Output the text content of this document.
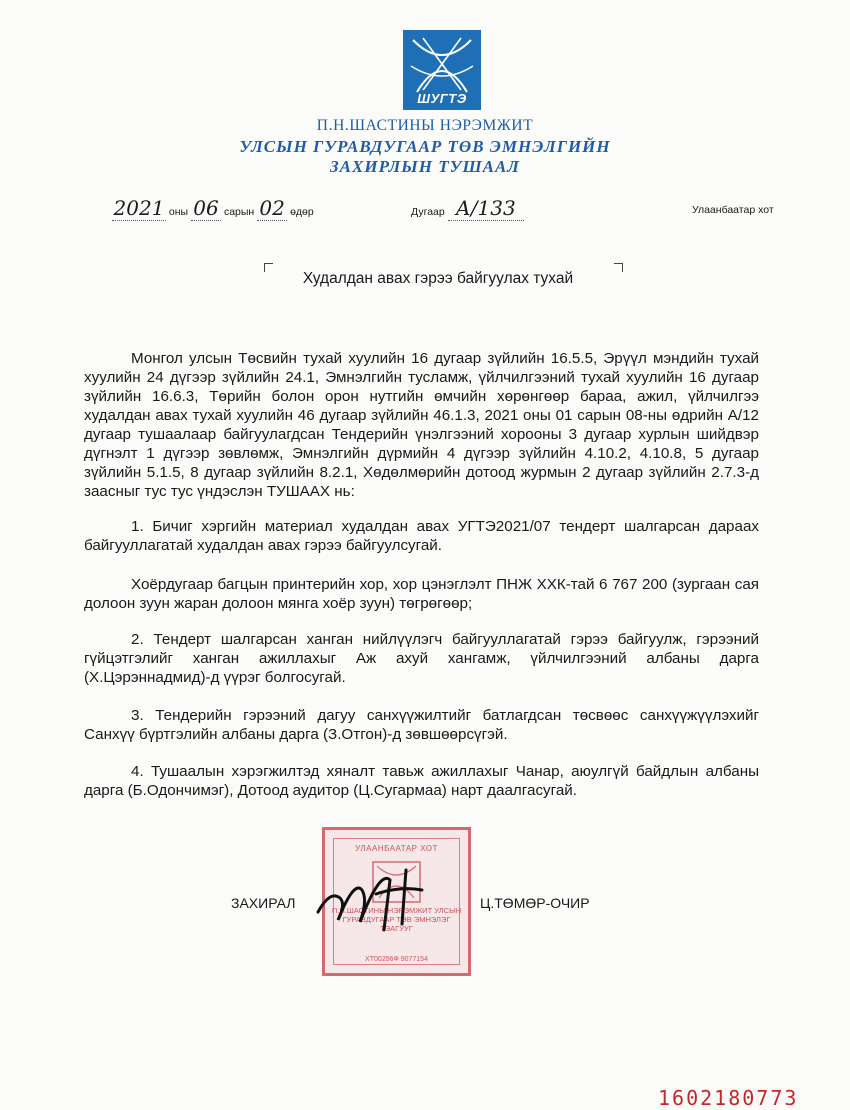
ШУГТЭ
П.Н.ШАСТИНЫ НЭРЭМЖИТ
УЛСЫН ГУРАВДУГААР ТӨВ ЭМНЭЛГИЙН
ЗАХИРЛЫН ТУШААЛ
2021 оны 06 сарын 02 өдөр	Дугаар А/133	Улаанбаатар хот
Худалдан авах гэрээ байгуулах тухай
Монгол улсын Төсвийн тухай хуулийн 16 дугаар зүйлийн 16.5.5, Эрүүл мэндийн тухай хуулийн 24 дүгээр зүйлийн 24.1, Эмнэлгийн тусламж, үйлчилгээний тухай хуулийн 16 дугаар зүйлийн 16.6.3, Төрийн болон орон нутгийн өмчийн хөрөнгөөр бараа, ажил, үйлчилгээ худалдан авах тухай хуулийн 46 дугаар зүйлийн 46.1.3, 2021 оны 01 сарын 08-ны өдрийн А/12 дугаар тушаалаар байгуулагдсан Тендерийн үнэлгээний хорооны 3 дугаар хурлын шийдвэр дүгнэлт 1 дүгээр зөвлөмж, Эмнэлгийн дүрмийн 4 дүгээр зүйлийн 4.10.2, 4.10.8, 5 дугаар зүйлийн 5.1.5, 8 дугаар зүйлийн 8.2.1, Хөдөлмөрийн дотоод журмын 2 дугаар зүйлийн 2.7.3-д заасныг тус тус үндэслэн ТУШААХ нь:
1. Бичиг хэргийн материал худалдан авах УГТЭ2021/07 тендерт шалгарсан дараах байгууллагатай худалдан авах гэрээ байгуулсугай.
Хоёрдугаар багцын принтерийн хор, хор цэнэглэлт ПНЖ ХХК-тай 6 767 200 (зургаан сая долоон зуун жаран долоон мянга хоёр зуун) төгрөгөөр;
2. Тендерт шалгарсан ханган нийлүүлэгч байгууллагатай гэрээ байгуулж, гэрээний гүйцэтгэлийг ханган ажиллахыг Аж ахуй хангамж, үйлчилгээний албаны дарга (Х.Цэрэннадмид)-д үүрэг болгосугай.
3. Тендерийн гэрээний дагуу санхүүжилтийг батлагдсан төсвөөс санхүүжүүлэхийг Санхүү бүртгэлийн албаны дарга (З.Отгон)-д зөвшөөрсүгэй.
4. Тушаалын хэрэгжилтэд хяналт тавьж ажиллахыг Чанар, аюулгүй байдлын албаны дарга (Б.Одончимэг), Дотоод аудитор (Ц.Сугармаа) нарт даалгасугай.
УЛААНБААТАР ХОТ
П.Н.ШАСТИНЫ НЭРЭМЖИТ УЛСЫН ГУРАВДУГААР ТӨВ ЭМНЭЛЭГ ТЭАГУУГ
ХТ00256Ф 9077154
ЗАХИРАЛ	Ц.ТӨМӨР-ОЧИР
1602180773
